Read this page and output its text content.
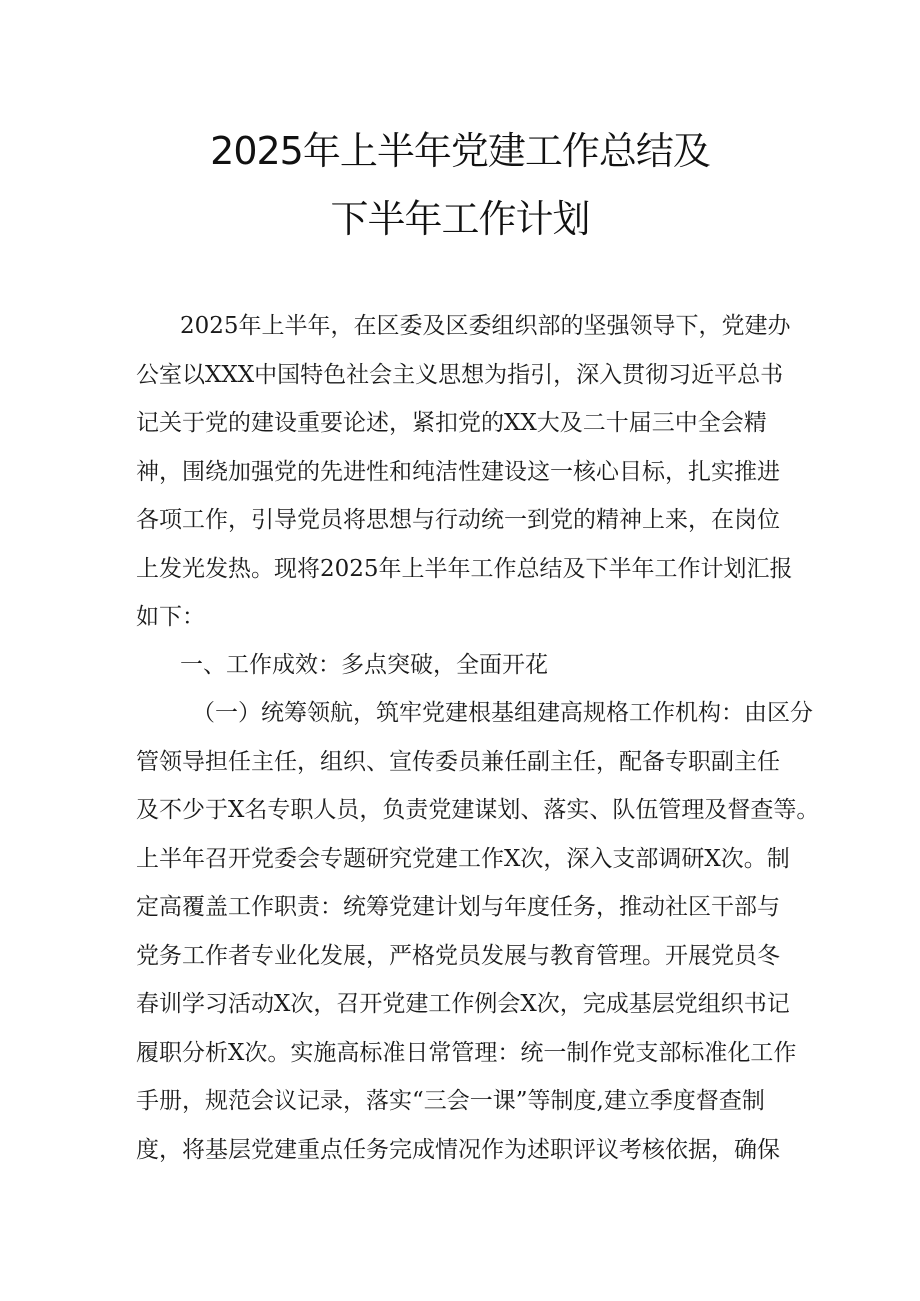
2025年上半年党建工作总结及
下半年工作计划
2025年上半年，在区委及区委组织部的坚强领导下，党建办
公室以XXX中国特色社会主义思想为指引，深入贯彻习近平总书
记关于党的建设重要论述，紧扣党的XX大及二十届三中全会精
神，围绕加强党的先进性和纯洁性建设这一核心目标，扎实推进
各项工作，引导党员将思想与行动统一到党的精神上来，在岗位
上发光发热。现将2025年上半年工作总结及下半年工作计划汇报
如下：
一、工作成效：多点突破，全面开花
（一）统筹领航，筑牢党建根基组建高规格工作机构：由区分
管领导担任主任，组织、宣传委员兼任副主任，配备专职副主任
及不少于X名专职人员，负责党建谋划、落实、队伍管理及督查等。
上半年召开党委会专题研究党建工作X次，深入支部调研X次。制
定高覆盖工作职责：统筹党建计划与年度任务，推动社区干部与
党务工作者专业化发展，严格党员发展与教育管理。开展党员冬
春训学习活动X次，召开党建工作例会X次，完成基层党组织书记
履职分析X次。实施高标准日常管理：统一制作党支部标准化工作
手册，规范会议记录，落实“三会一课”等制度,建立季度督查制
度，将基层党建重点任务完成情况作为述职评议考核依据，确保
